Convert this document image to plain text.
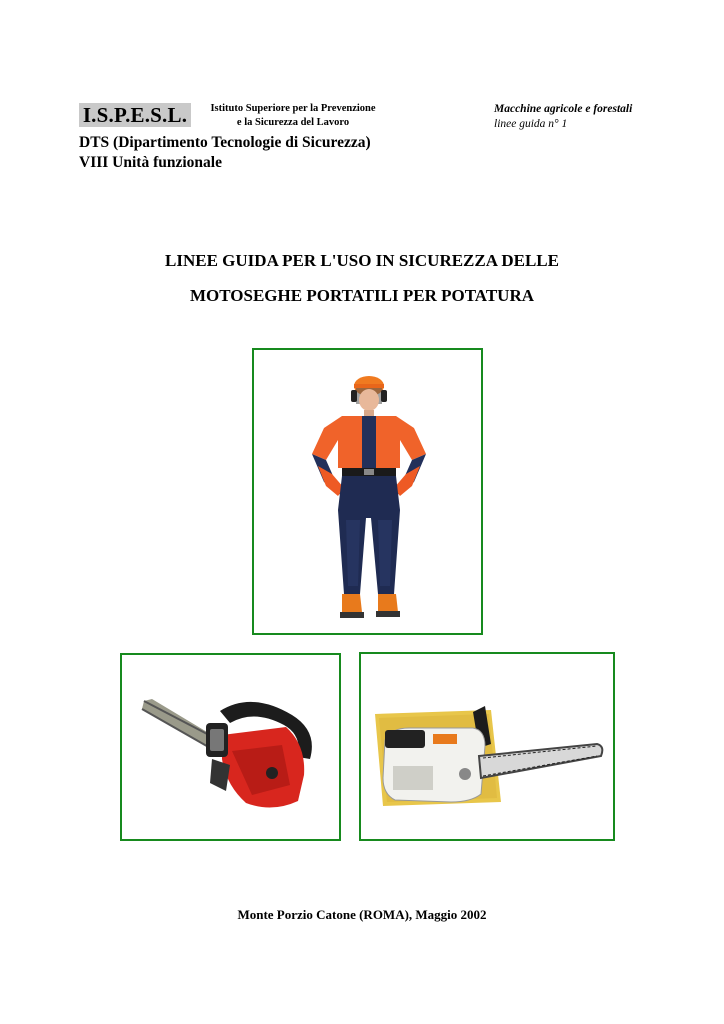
I.S.P.E.S.L.	Istituto Superiore per la Prevenzione
e la Sicurezza del Lavoro
Macchine agricole e forestali
linee guida n° 1
DTS (Dipartimento Tecnologie di Sicurezza)
VIII Unità funzionale
LINEE GUIDA PER L'USO IN SICUREZZA DELLE
MOTOSEGHE PORTATILI PER POTATURA
Monte Porzio Catone (ROMA), Maggio 2002
